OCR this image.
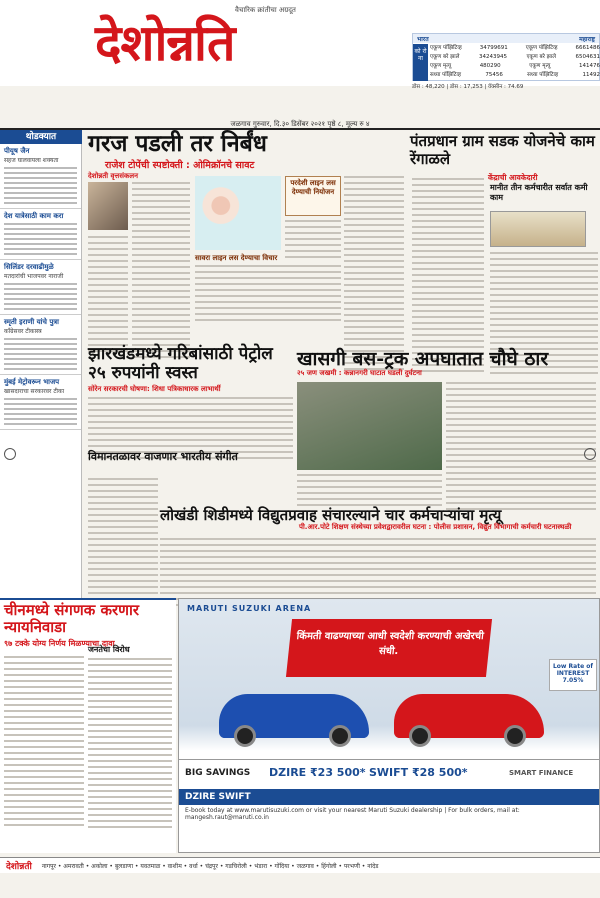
वैचारिक क्रांतीचा अग्रदूत
देशोन्नति	भारत	महाराष्ट्र
को रो ना
एकूण पॉझिटिव्ह	34799691	एकूण पॉझिटिव्ह	6661486
एकूण बरे झाले	34243945	एकूण बरे झाले	6504631
एकूण मृत्यू	480290	एकूण मृत्यू	141476
सध्या पॉझिटिव्ह	75456	सध्या पॉझिटिव्ह	11492
डोस : 48,220 | डोस : 17,253 | वॅक्सीन : 74.69
जळगाव गुरुवार, दि.३० डिसेंबर २०२१ पृष्ठे ८, मूल्य रु ४
थोडक्यात
पीयूष जैन
सहज घालवायला शक्यता
देश यात्रेसाठी काम करा
सिलिंडर दरवाढीमुळे
मतदारांची भाजपवर नाराजी
स्मृती इराणी यांचे पुत्रा
काँग्रेसवर टीकास्त्र
मुंबई मेट्रोवरून भाजप
खासदाराचा सरकारवर टीका
गरज पडली तर निर्बंध
राजेश टोपेंची स्पष्टोक्ती : ओमिक्रॉनचे सावट
देशोन्नती वृत्तसंकलन
परदेशी लाइन लस देण्याची नियोजन
सावरा लाइन लस देण्याचा विचार
पंतप्रधान ग्राम सडक योजनेचे काम रेंगाळले
केंद्राची आवकेदारी
मानीत तीन कर्मचारीत सर्वात कमी काम
झारखंडमध्ये गरिबांसाठी पेट्रोल २५ रुपयांनी स्वस्त
सोरेन सरकारची घोषणा: शिधा पत्रिकाधारक लाभार्थी
खासगी बस-ट्रक अपघातात चौघे ठार
२५ जण जखमी : कन्नानगरी घाटात घडली दुर्घटना
विमानतळावर वाजणार भारतीय संगीत
लोखंडी शिडीमध्ये विद्युतप्रवाह संचारल्याने चार कर्मचाऱ्यांचा मृत्यू
पी.आर.पोटे शिक्षण संस्थेच्या प्रवेशद्वारावरील घटना : पोलीस प्रशासन, विद्युत विभागाची कर्मचारी घटनास्थळी
चीनमध्ये संगणक करणार न्यायनिवाडा
९७ टक्के योग्य निर्णय मिळण्याचा दावा
जनतेचा विरोध
MARUTI SUZUKI ARENA
किंमती वाढण्याच्या आधी स्वदेशी करण्याची अखेरची संधी.
Low Rate of INTEREST 7.05%
BIG SAVINGS DZIRE ₹23 500* SWIFT ₹28 500*	SMART FINANCE
DZIRE SWIFT
E-book today at www.marutisuzuki.com or visit your nearest Maruti Suzuki dealership | For bulk orders, mail at: mangesh.raut@maruti.co.in
देशोन्नती नागपूर • अमरावती • अकोला • बुलडाणा • यवतमाळ • वाशीम • वर्धा • चंद्रपूर • गडचिरोली • भंडारा • गोंदिया • जळगाव • हिंगोली • परभणी • नांदेड
